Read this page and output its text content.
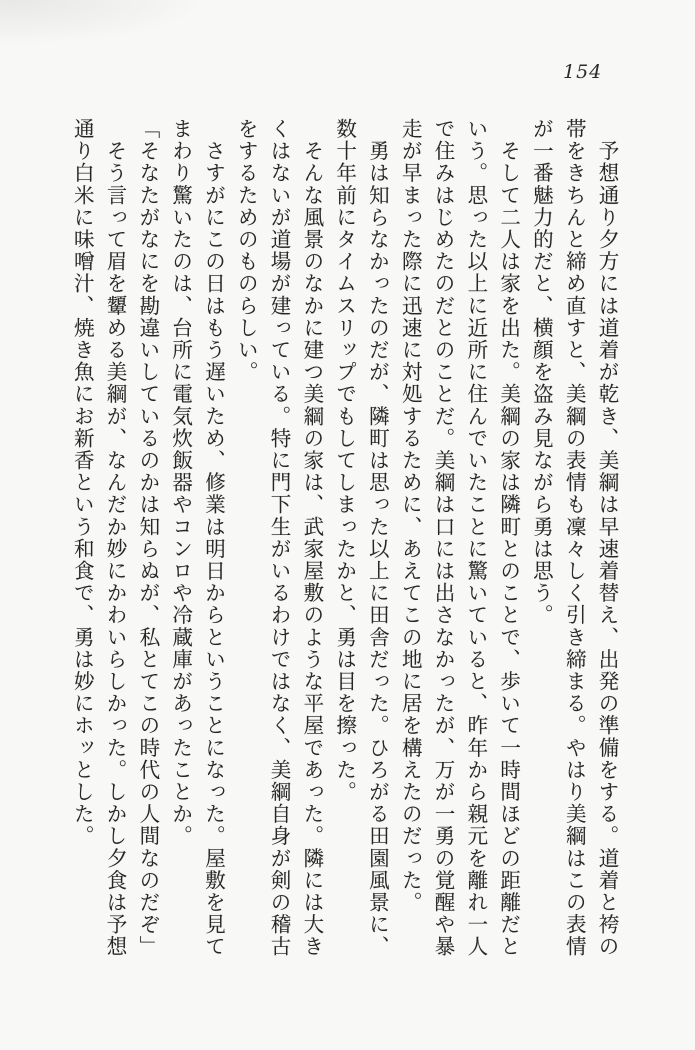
154
　予想通り夕方には道着が乾き、美綱は早速着替え、出発の準備をする。道着と袴の
帯をきちんと締め直すと、美綱の表情も凜々しく引き締まる。やはり美綱はこの表情
が一番魅力的だと、横顔を盗み見ながら勇は思う。
　そして二人は家を出た。美綱の家は隣町とのことで、歩いて一時間ほどの距離だと
いう。思った以上に近所に住んでいたことに驚いていると、昨年から親元を離れ一人
で住みはじめたのだとのことだ。美綱は口には出さなかったが、万が一勇の覚醒や暴
走が早まった際に迅速に対処するために、あえてこの地に居を構えたのだった。
　勇は知らなかったのだが、隣町は思った以上に田舎だった。ひろがる田園風景に、
数十年前にタイムスリップでもしてしまったかと、勇は目を擦った。
　そんな風景のなかに建つ美綱の家は、武家屋敷のような平屋であった。隣には大き
くはないが道場が建っている。特に門下生がいるわけではなく、美綱自身が剣の稽古
をするためのものらしい。
　さすがにこの日はもう遅いため、修業は明日からということになった。屋敷を見て
まわり驚いたのは、台所に電気炊飯器やコンロや冷蔵庫があったことか。
「そなたがなにを勘違いしているのかは知らぬが、私とてこの時代の人間なのだぞ」
　そう言って眉を顰める美綱が、なんだか妙にかわいらしかった。しかし夕食は予想
通り白米に味噌汁、焼き魚にお新香という和食で、勇は妙にホッとした。
